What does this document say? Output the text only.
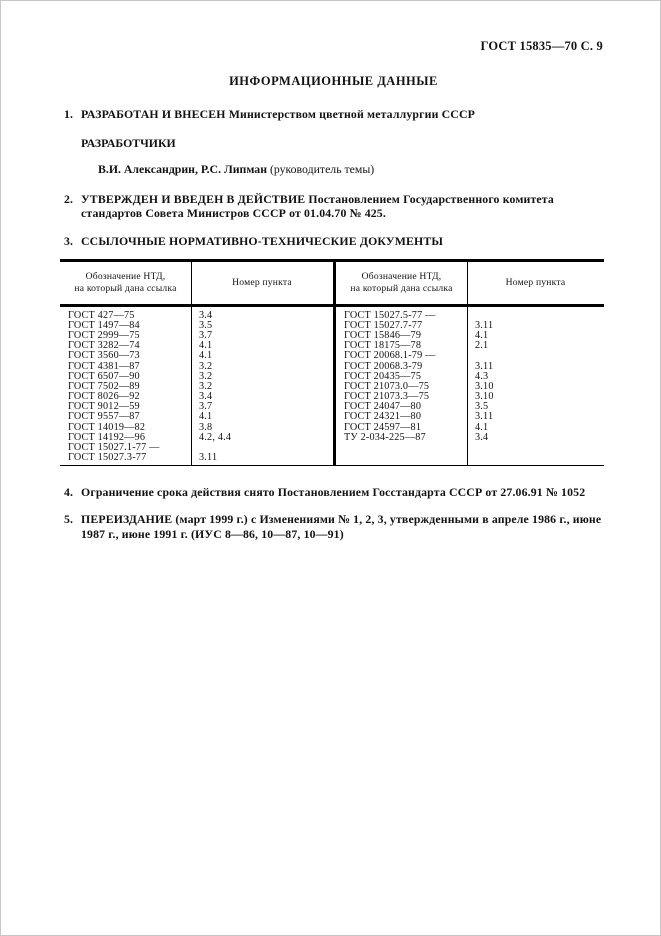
ГОСТ 15835—70 С. 9
ИНФОРМАЦИОННЫЕ ДАННЫЕ
1. РАЗРАБОТАН И ВНЕСЕН Министерством цветной металлургии СССР
РАЗРАБОТЧИКИ
В.И. Александрин, Р.С. Липман (руководитель темы)
2. УТВЕРЖДЕН И ВВЕДЕН В ДЕЙСТВИЕ Постановлением Государственного комитета стандартов Совета Министров СССР от 01.04.70 № 425.
3. ССЫЛОЧНЫЕ НОРМАТИВНО-ТЕХНИЧЕСКИЕ ДОКУМЕНТЫ
Обозначение НТД,
на который дана ссылка
Номер пункта
ГОСТ 427—75	3.4
ГОСТ 1497—84	3.5
ГОСТ 2999—75	3.7
ГОСТ 3282—74	4.1
ГОСТ 3560—73	4.1
ГОСТ 4381—87	3.2
ГОСТ 6507—90	3.2
ГОСТ 7502—89	3.2
ГОСТ 8026—92	3.4
ГОСТ 9012—59	3.7
ГОСТ 9557—87	4.1
ГОСТ 14019—82	3.8
ГОСТ 14192—96	4.2, 4.4
ГОСТ 15027.1-77 —
ГОСТ 15027.3-77	3.11
Обозначение НТД,
на который дана ссылка
Номер пункта
ГОСТ 15027.5-77 —
ГОСТ 15027.7-77	3.11
ГОСТ 15846—79	4.1
ГОСТ 18175—78	2.1
ГОСТ 20068.1-79 —
ГОСТ 20068.3-79	3.11
ГОСТ 20435—75	4.3
ГОСТ 21073.0—75	3.10
ГОСТ 21073.3—75	3.10
ГОСТ 24047—80	3.5
ГОСТ 24321—80	3.11
ГОСТ 24597—81	4.1
ТУ 2-034-225—87	3.4
4. Ограничение срока действия снято Постановлением Госстандарта СССР от 27.06.91 № 1052
5. ПЕРЕИЗДАНИЕ (март 1999 г.) с Изменениями № 1, 2, 3, утвержденными в апреле 1986 г., июне 1987 г., июне 1991 г. (ИУС 8—86, 10—87, 10—91)
